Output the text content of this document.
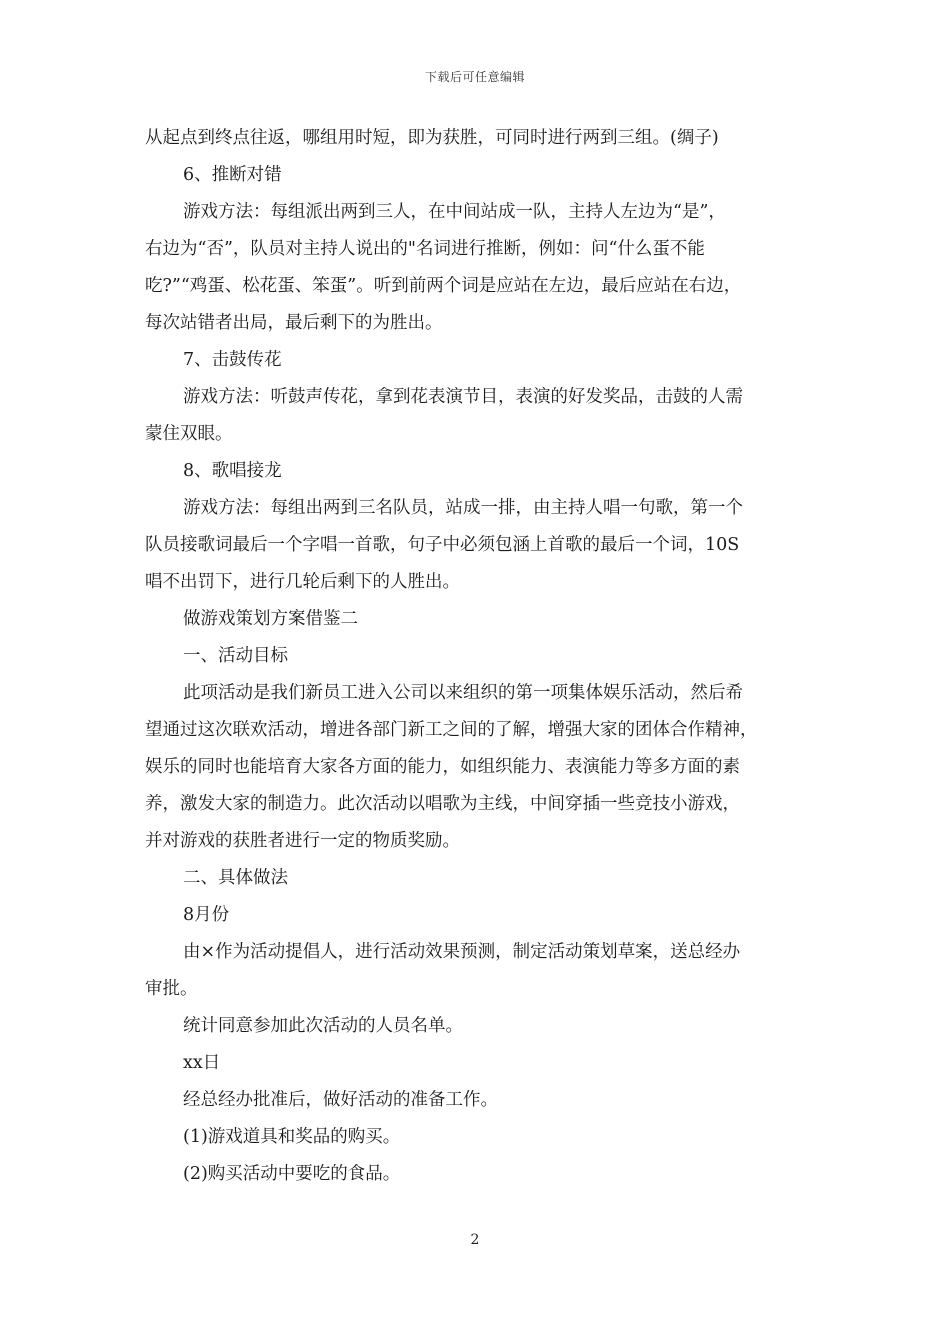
下载后可任意编辑
从起点到终点往返，哪组用时短，即为获胜，可同时进行两到三组。(绸子)
6、推断对错
游戏方法：每组派出两到三人，在中间站成一队，主持人左边为“是”，
右边为“否”，队员对主持人说出的"名词进行推断，例如：问“什么蛋不能
吃?”“鸡蛋、松花蛋、笨蛋”。听到前两个词是应站在左边，最后应站在右边，
每次站错者出局，最后剩下的为胜出。
7、击鼓传花
游戏方法：听鼓声传花，拿到花表演节目，表演的好发奖品，击鼓的人需
蒙住双眼。
8、歌唱接龙
游戏方法：每组出两到三名队员，站成一排，由主持人唱一句歌，第一个
队员接歌词最后一个字唱一首歌，句子中必须包涵上首歌的最后一个词，10S
唱不出罚下，进行几轮后剩下的人胜出。
做游戏策划方案借鉴二
一、活动目标
此项活动是我们新员工进入公司以来组织的第一项集体娱乐活动，然后希
望通过这次联欢活动，增进各部门新工之间的了解，增强大家的团体合作精神，
娱乐的同时也能培育大家各方面的能力，如组织能力、表演能力等多方面的素
养，激发大家的制造力。此次活动以唱歌为主线，中间穿插一些竞技小游戏，
并对游戏的获胜者进行一定的物质奖励。
二、具体做法
8月份
由×作为活动提倡人，进行活动效果预测，制定活动策划草案，送总经办
审批。
统计同意参加此次活动的人员名单。
xx日
经总经办批准后，做好活动的准备工作。
(1)游戏道具和奖品的购买。
(2)购买活动中要吃的食品。
2
